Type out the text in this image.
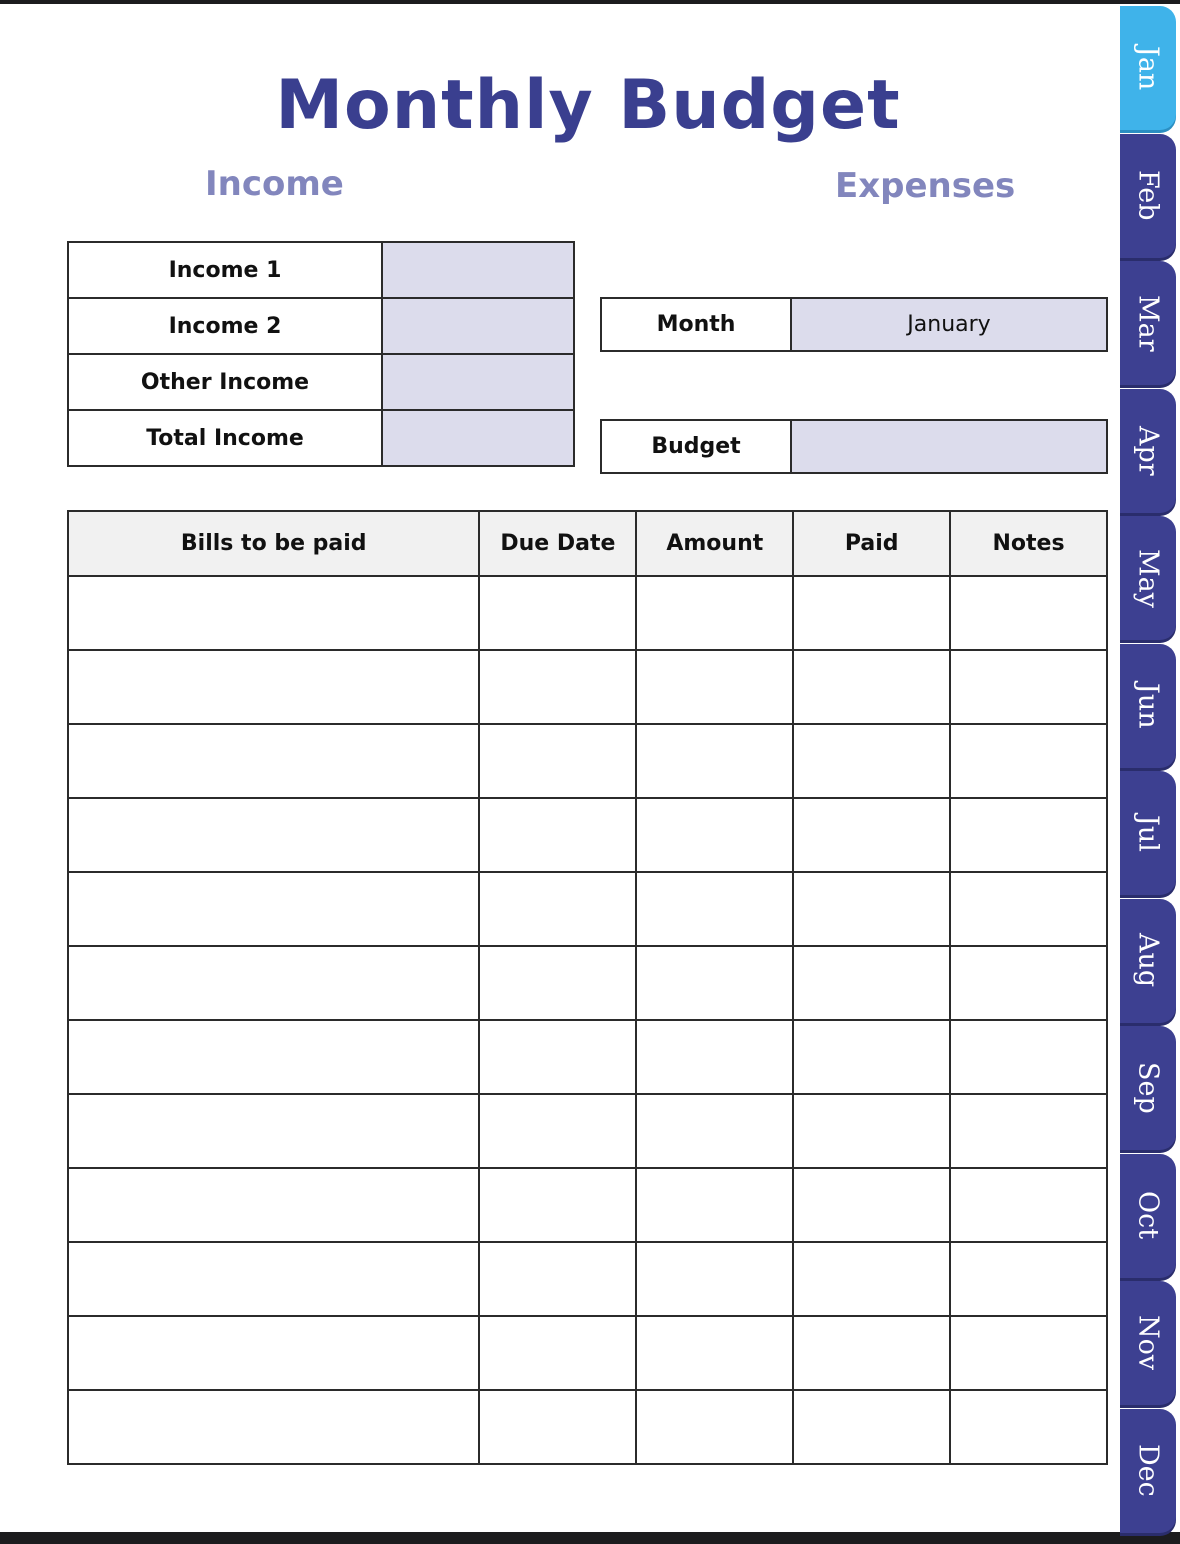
Monthly Budget
Income	Expenses
Income 1	
Income 2	
Other Income	
Total Income	
Month	January
Budget	
Bills to be paid	Due Date	Amount	Paid	Notes

Jan
Feb
Mar
Apr
May
Jun
Jul
Aug
Sep
Oct
Nov
Dec
